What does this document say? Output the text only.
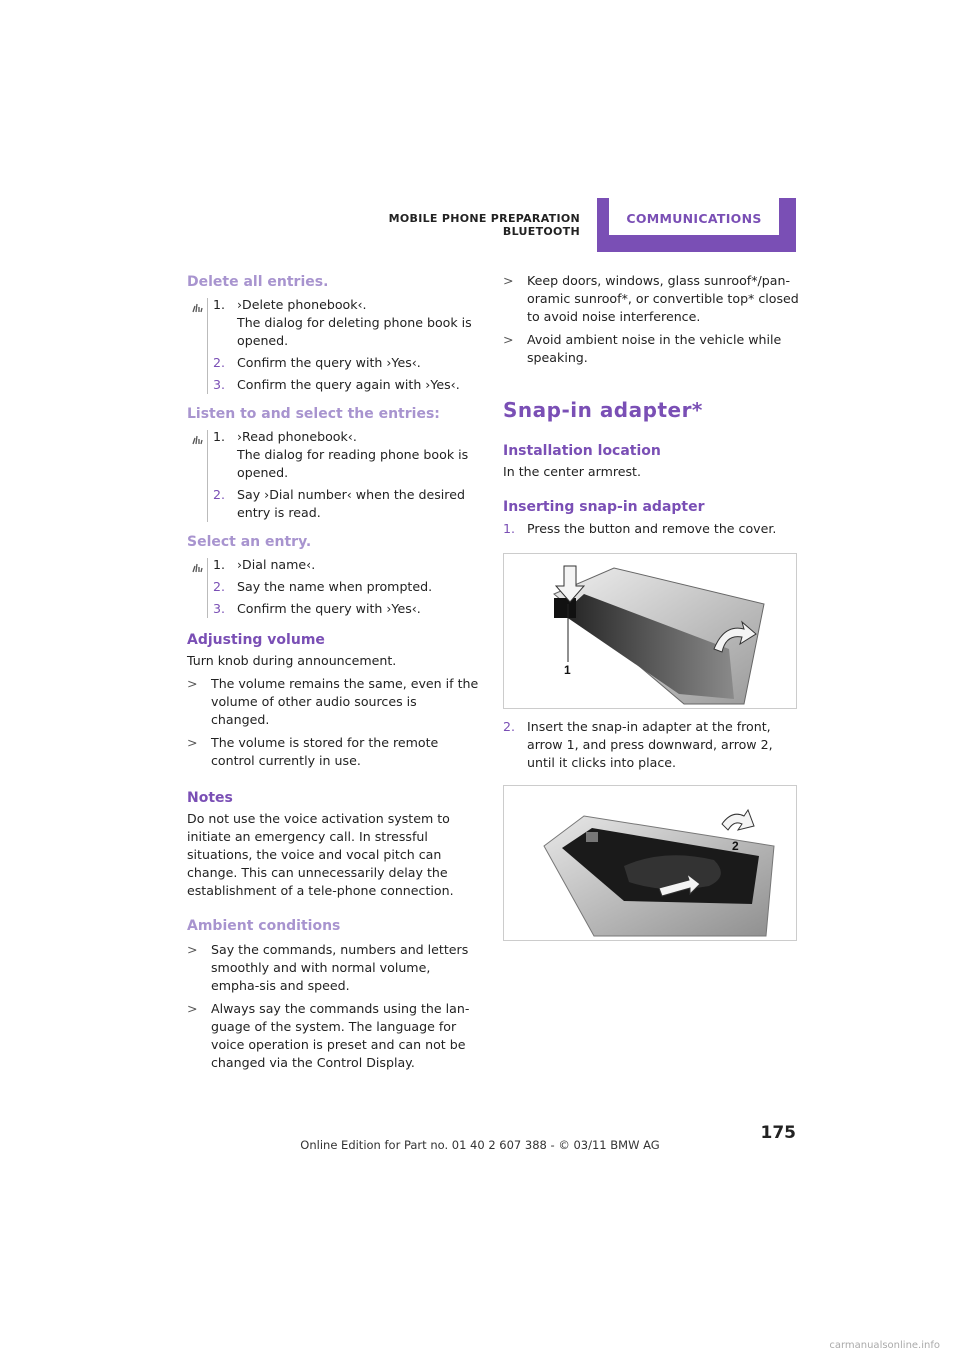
MOBILE PHONE PREPARATION BLUETOOTH
COMMUNICATIONS
Delete all entries.
1. ›Delete phonebook‹.
The dialog for deleting phone book is opened.
2. Confirm the query with ›Yes‹.
3. Confirm the query again with ›Yes‹.
Listen to and select the entries:
1. ›Read phonebook‹.
The dialog for reading phone book is opened.
2. Say ›Dial number‹ when the desired entry is read.
Select an entry.
1. ›Dial name‹.
2. Say the name when prompted.
3. Confirm the query with ›Yes‹.
Adjusting volume

Turn knob during announcement.

>	The volume remains the same, even if the volume of other audio sources is changed.
>	The volume is stored for the remote control currently in use.
Notes

Do not use the voice activation system to initiate an emergency call. In stressful situations, the voice and vocal pitch can change. This can unnecessarily delay the establishment of a tele-phone connection.

Ambient conditions
>	Say the commands, numbers and letters smoothly and with normal volume, empha-sis and speed.
>	Always say the commands using the lan-guage of the system. The language for voice operation is preset and can not be changed via the Control Display.
>	Keep doors, windows, glass sunroof*/pan-oramic sunroof*, or convertible top* closed to avoid noise interference.
>	Avoid ambient noise in the vehicle while speaking.
Snap-in adapter*
Installation location

In the center armrest.

Inserting snap-in adapter
1. Press the button and remove the cover.
1
2. Insert the snap-in adapter at the front, arrow 1, and press downward, arrow 2, until it clicks into place.
2
175
Online Edition for Part no. 01 40 2 607 388 - © 03/11 BMW AG
carmanualsonline.info
